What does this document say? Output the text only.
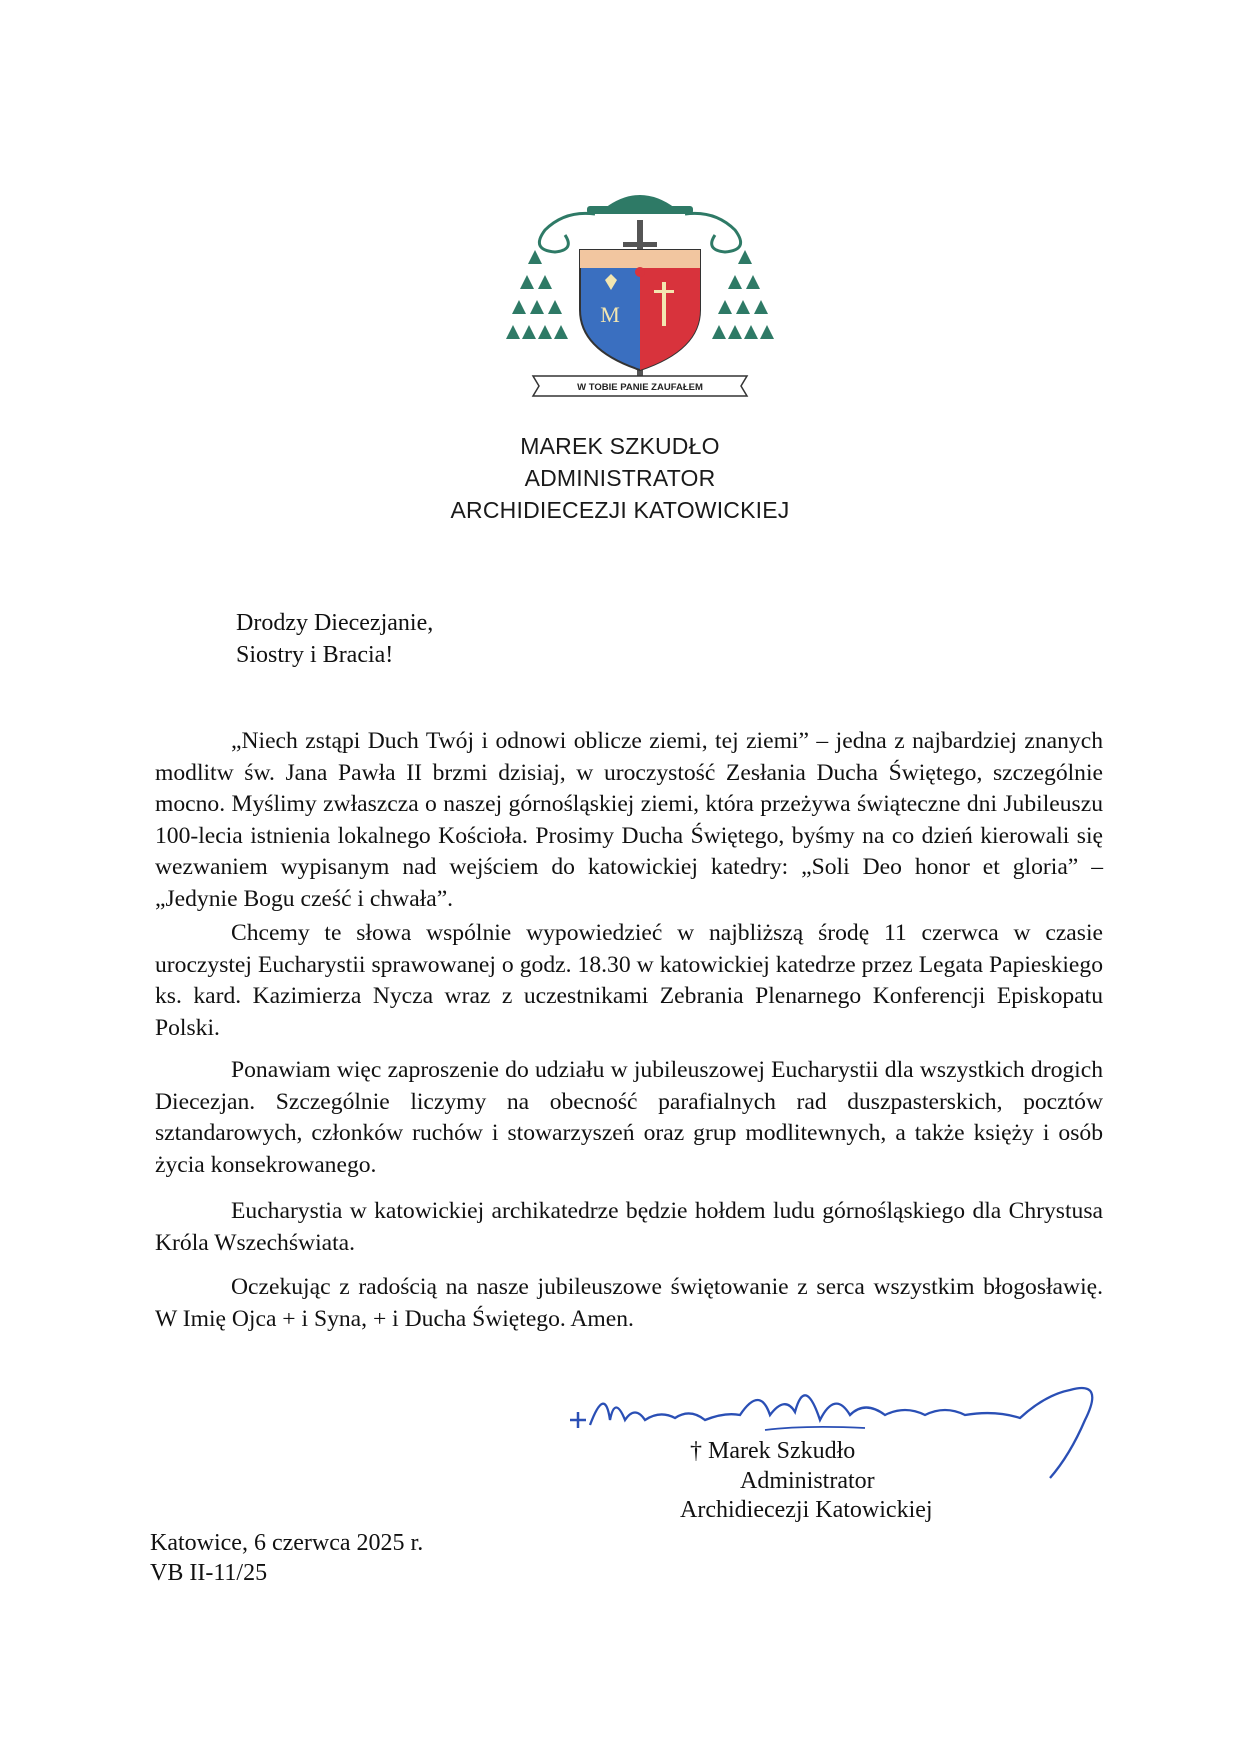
M
W TOBIE PANIE ZAUFAŁEM
MAREK SZKUDŁO
ADMINISTRATOR
ARCHIDIECEZJI KATOWICKIEJ
Drodzy Diecezjanie,
Siostry i Bracia!
„Niech zstąpi Duch Twój i odnowi oblicze ziemi, tej ziemi” – jedna z najbardziej znanych modlitw św. Jana Pawła II brzmi dzisiaj, w uroczystość Zesłania Ducha Świętego, szczególnie mocno. Myślimy zwłaszcza o naszej górnośląskiej ziemi, która przeżywa świąteczne dni Jubileuszu 100-lecia istnienia lokalnego Kościoła. Prosimy Ducha Świętego, byśmy na co dzień kierowali się wezwaniem wypisanym nad wejściem do katowickiej katedry: „Soli Deo honor et gloria” – „Jedynie Bogu cześć i chwała”.
Chcemy te słowa wspólnie wypowiedzieć w najbliższą środę 11 czerwca w czasie uroczystej Eucharystii sprawowanej o godz. 18.30 w katowickiej katedrze przez Legata Papieskiego ks. kard. Kazimierza Nycza wraz z uczestnikami Zebrania Plenarnego Konferencji Episkopatu Polski.
Ponawiam więc zaproszenie do udziału w jubileuszowej Eucharystii dla wszystkich drogich Diecezjan. Szczególnie liczymy na obecność parafialnych rad duszpasterskich, pocztów sztandarowych, członków ruchów i stowarzyszeń oraz grup modlitewnych, a także księży i osób życia konsekrowanego.
Eucharystia w katowickiej archikatedrze będzie hołdem ludu górnośląskiego dla Chrystusa Króla Wszechświata.
Oczekując z radością na nasze jubileuszowe świętowanie z serca wszystkim błogosławię. W Imię Ojca + i Syna, + i Ducha Świętego. Amen.
† Marek Szkudło
Administrator
Archidiecezji Katowickiej
Katowice, 6 czerwca 2025 r.
VB II-11/25
